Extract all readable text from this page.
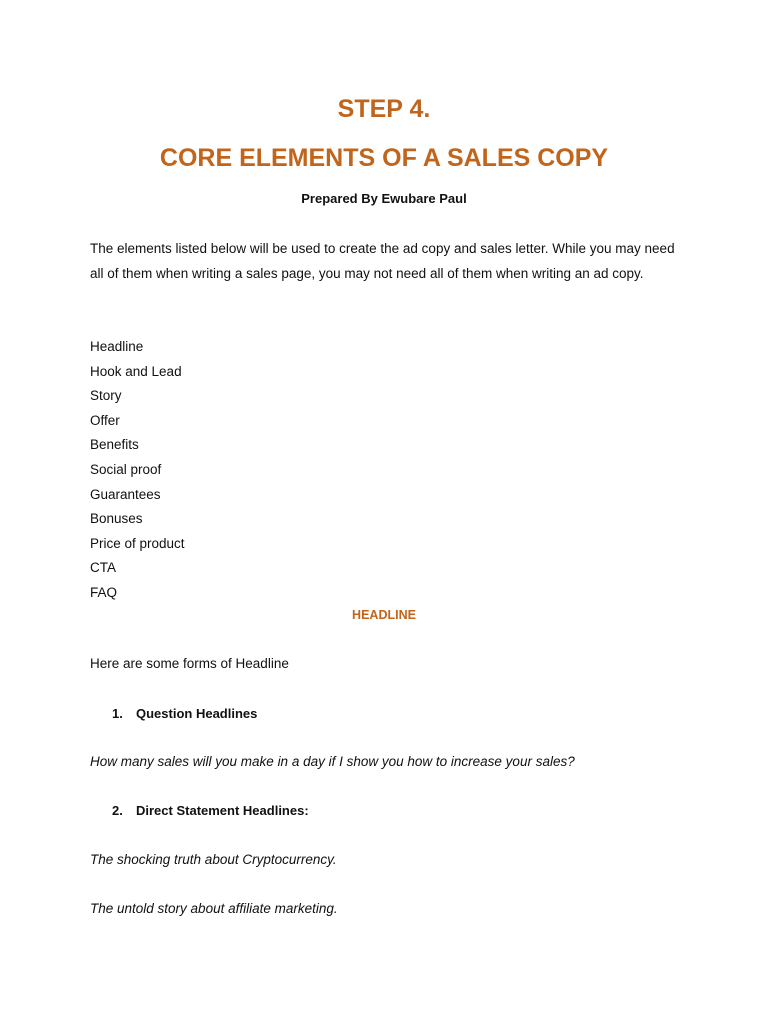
STEP 4.
CORE ELEMENTS OF A SALES COPY
Prepared By Ewubare Paul

The elements listed below will be used to create the ad copy and sales letter. While you may need all of them when writing a sales page, you may not need all of them when writing an ad copy.

Headline
Hook and Lead
Story
Offer
Benefits
Social proof
Guarantees
Bonuses
Price of product
CTA
FAQ
HEADLINE
Here are some forms of Headline
1. Question Headlines
How many sales will you make in a day if I show you how to increase your sales?
2. Direct Statement Headlines:
The shocking truth about Cryptocurrency.
The untold story about affiliate marketing.
